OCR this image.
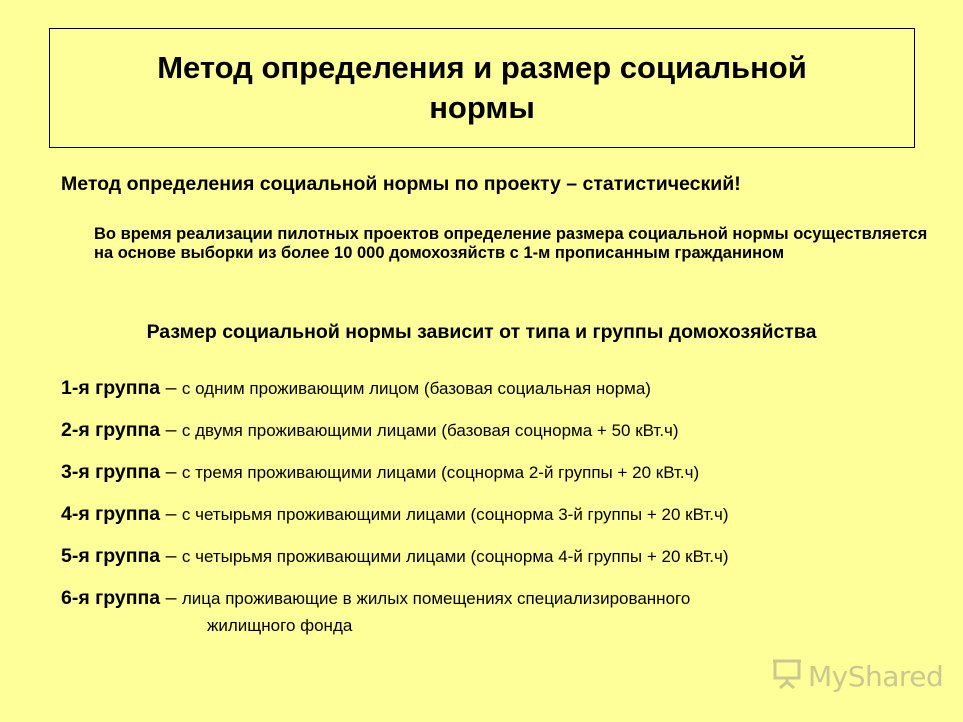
Метод определения и размер социальной нормы
Метод определения социальной нормы по проекту – статистический!
Во время реализации пилотных проектов определение размера социальной нормы осуществляется на основе выборки из более 10 000 домохозяйств с 1-м прописанным гражданином
Размер социальной нормы зависит от типа и группы домохозяйства
1-я группа – с одним проживающим лицом (базовая социальная норма)
2-я группа – с двумя проживающими лицами (базовая соцнорма + 50 кВт.ч)
3-я группа – с тремя проживающими лицами (соцнорма 2-й группы + 20 кВт.ч)
4-я группа – с четырьмя проживающими лицами (соцнорма 3-й группы + 20 кВт.ч)
5-я группа – с четырьмя проживающими лицами (соцнорма 4-й группы + 20 кВт.ч)
6-я группа – лица проживающие в жилых помещениях специализированного
жилищного фонда
MyShared
